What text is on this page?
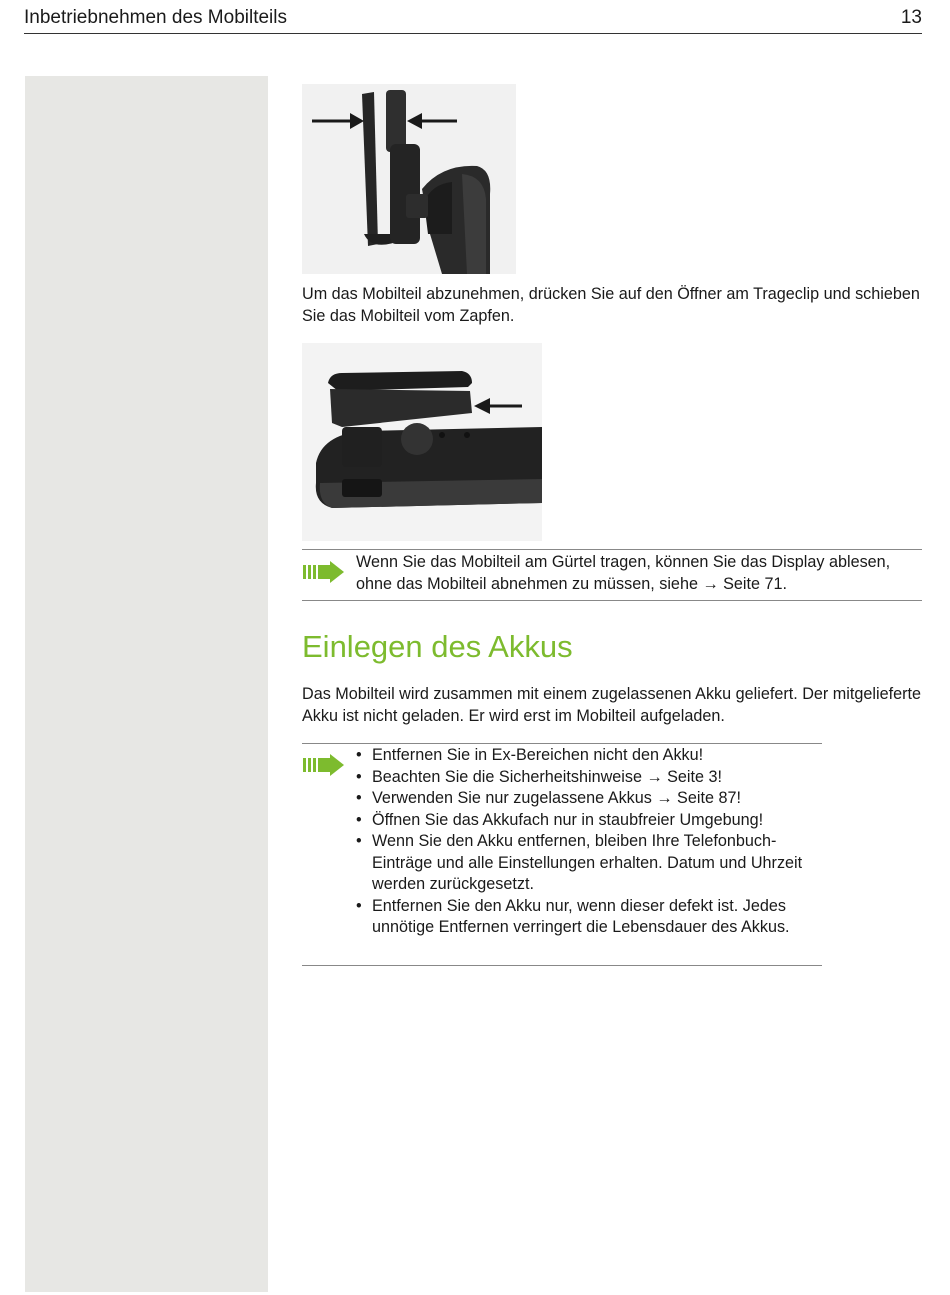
Inbetriebnehmen des Mobilteils	13
Um das Mobilteil abzunehmen, drücken Sie auf den Öffner am Trageclip und schieben Sie das Mobilteil vom Zapfen.
Wenn Sie das Mobilteil am Gürtel tragen, können Sie das Display ablesen, ohne das Mobilteil abnehmen zu müssen, siehe → Seite 71.
Einlegen des Akkus
Das Mobilteil wird zusammen mit einem zugelassenen Akku geliefert. Der mitgelieferte Akku ist nicht geladen. Er wird erst im Mobilteil aufgeladen.
• Entfernen Sie in Ex-Bereichen nicht den Akku!
• Beachten Sie die Sicherheitshinweise → Seite 3!
• Verwenden Sie nur zugelassene Akkus → Seite 87!
• Öffnen Sie das Akkufach nur in staubfreier Umgebung!
• Wenn Sie den Akku entfernen, bleiben Ihre TelefonbuchEinträge und alle Einstellungen erhalten. Datum und Uhrzeit werden zurückgesetzt.
• Entfernen Sie den Akku nur, wenn dieser defekt ist. Jedes unnötige Entfernen verringert die Lebensdauer des Akkus.
